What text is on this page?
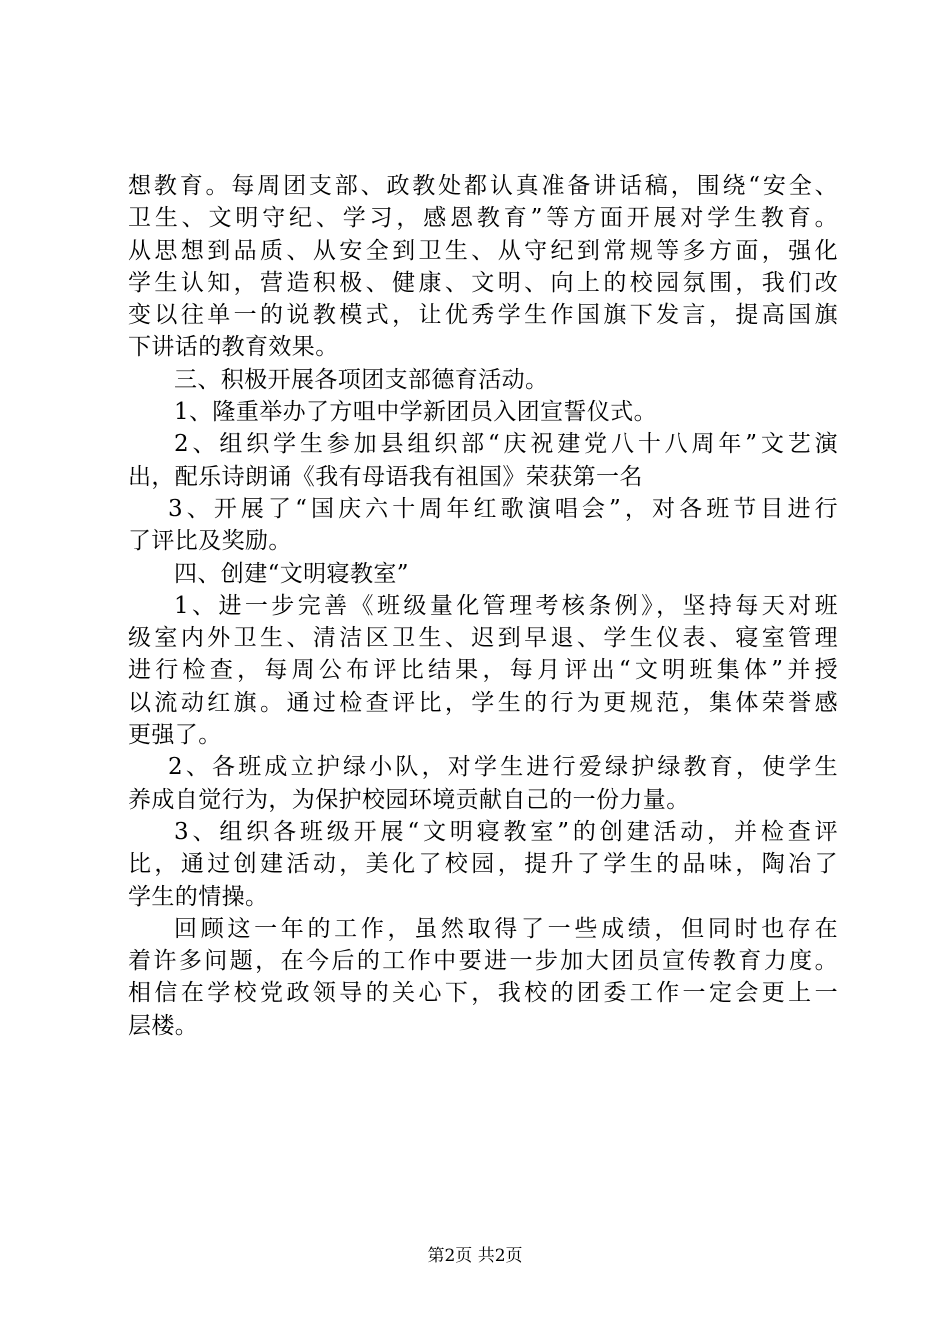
想教育。每周团支部、政教处都认真准备讲话稿，围绕“安全、
卫生、文明守纪、学习，感恩教育”等方面开展对学生教育。
从思想到品质、从安全到卫生、从守纪到常规等多方面，强化
学生认知，营造积极、健康、文明、向上的校园氛围，我们改
变以往单一的说教模式，让优秀学生作国旗下发言，提高国旗
下讲话的教育效果。
三、积极开展各项团支部德育活动。
1、隆重举办了方咀中学新团员入团宣誓仪式。
2、组织学生参加县组织部“庆祝建党八十八周年”文艺演
出，配乐诗朗诵《我有母语我有祖国》荣获第一名
3、开展了“国庆六十周年红歌演唱会”，对各班节目进行
了评比及奖励。
四、创建“文明寝教室”
1、进一步完善《班级量化管理考核条例》，坚持每天对班
级室内外卫生、清洁区卫生、迟到早退、学生仪表、寝室管理
进行检查，每周公布评比结果，每月评出“文明班集体”并授
以流动红旗。通过检查评比，学生的行为更规范，集体荣誉感
更强了。
2、各班成立护绿小队，对学生进行爱绿护绿教育，使学生
养成自觉行为，为保护校园环境贡献自己的一份力量。
3、组织各班级开展“文明寝教室”的创建活动，并检查评
比，通过创建活动，美化了校园，提升了学生的品味，陶冶了
学生的情操。
回顾这一年的工作，虽然取得了一些成绩，但同时也存在
着许多问题，在今后的工作中要进一步加大团员宣传教育力度。
相信在学校党政领导的关心下，我校的团委工作一定会更上一
层楼。
第2页 共2页
